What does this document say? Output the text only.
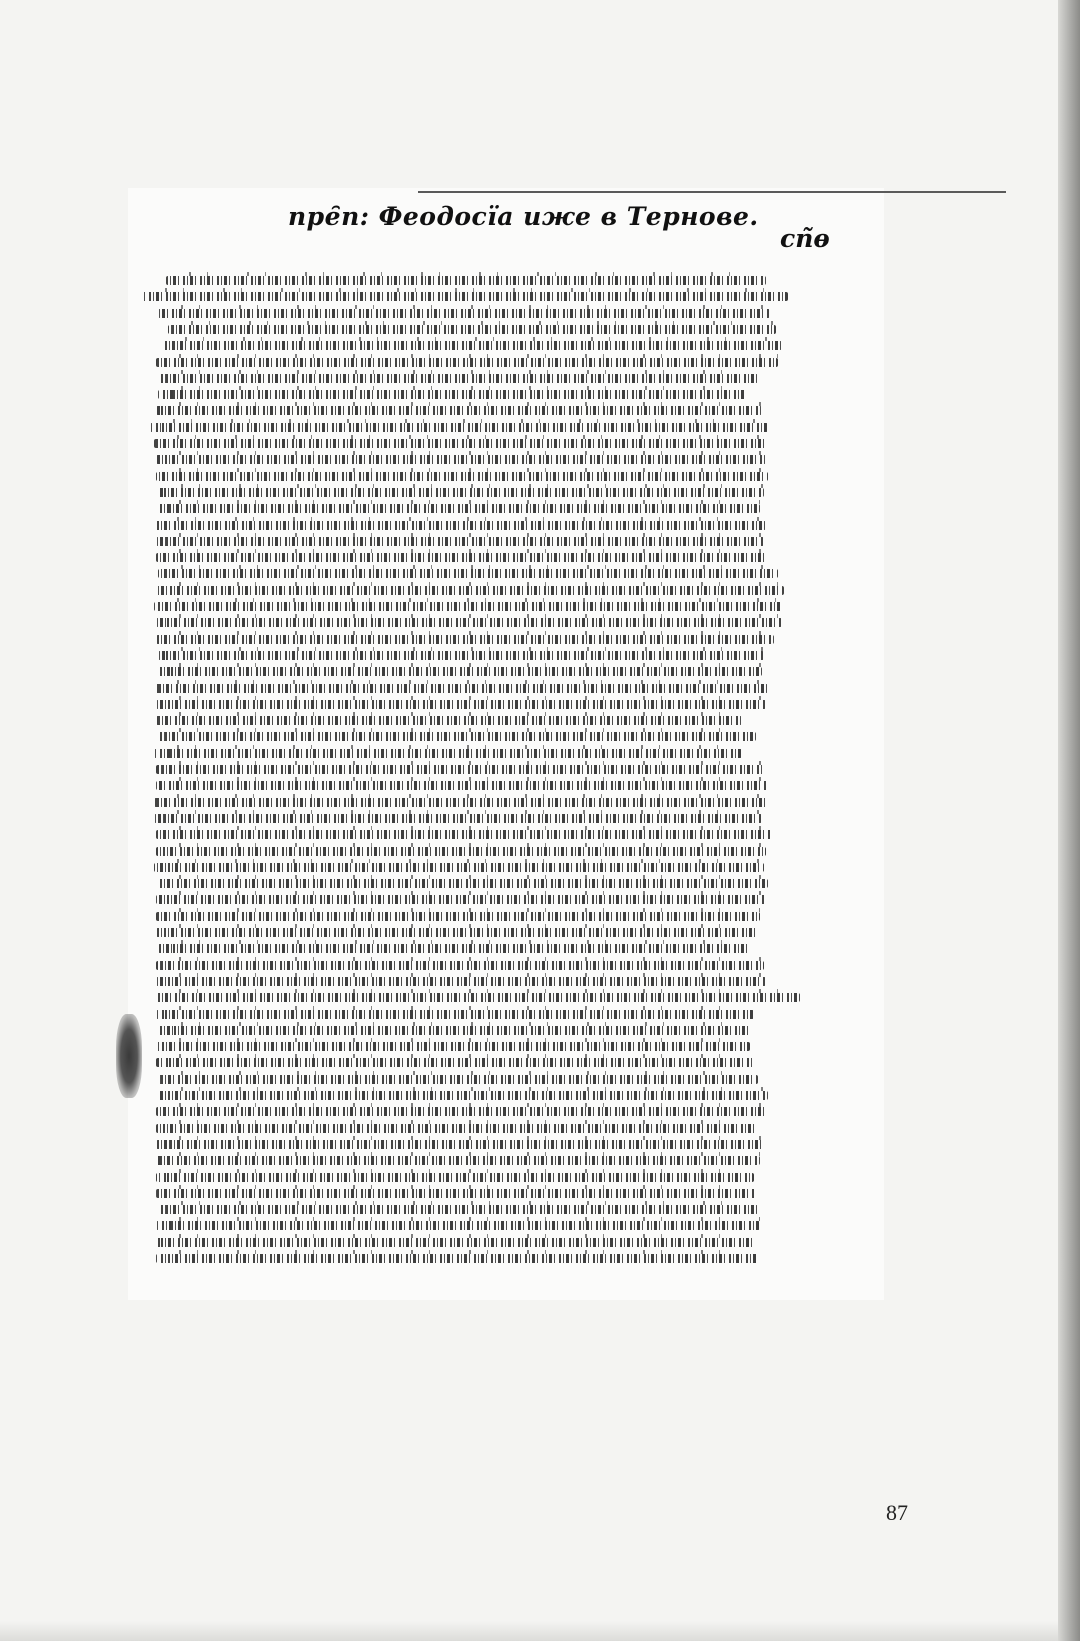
пре̑п: Феодосїа иже в Тернове.
сп̃ѳ
87
